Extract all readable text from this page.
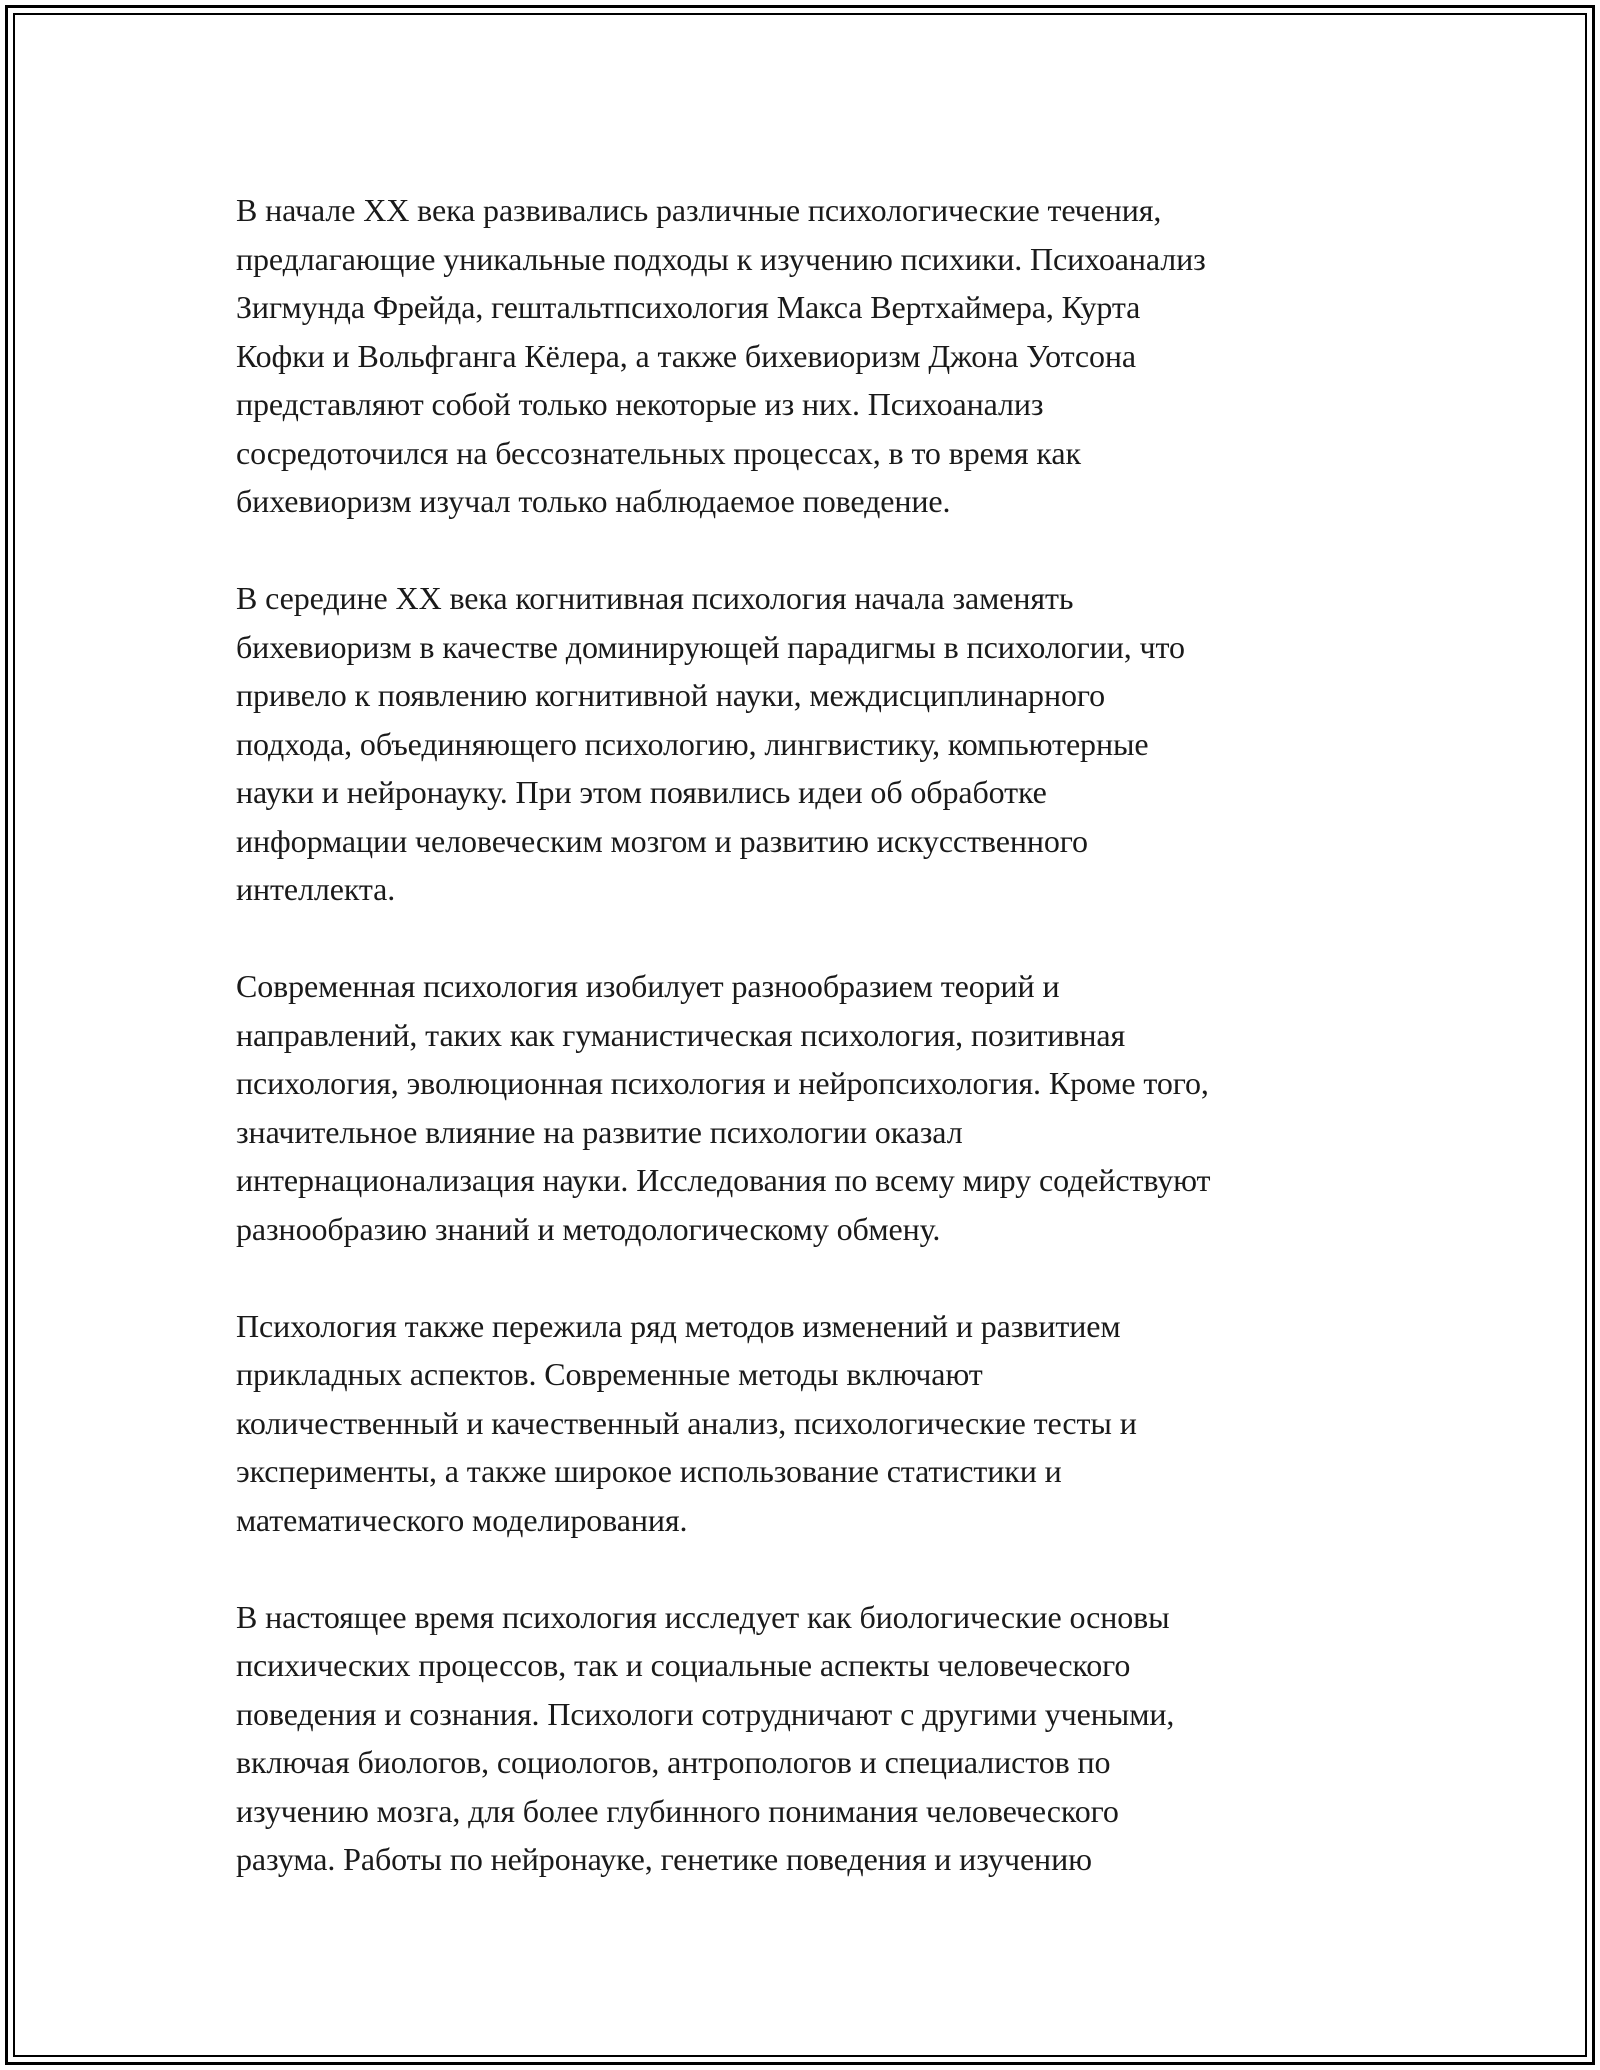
В начале XX века развивались различные психологические течения,
предлагающие уникальные подходы к изучению психики. Психоанализ
Зигмунда Фрейда, гештальтпсихология Макса Вертхаймера, Курта
Кофки и Вольфганга Кёлера, а также бихевиоризм Джона Уотсона
представляют собой только некоторые из них. Психоанализ
сосредоточился на бессознательных процессах, в то время как
бихевиоризм изучал только наблюдаемое поведение.

В середине XX века когнитивная психология начала заменять
бихевиоризм в качестве доминирующей парадигмы в психологии, что
привело к появлению когнитивной науки, междисциплинарного
подхода, объединяющего психологию, лингвистику, компьютерные
науки и нейронауку. При этом появились идеи об обработке
информации человеческим мозгом и развитию искусственного
интеллекта.

Современная психология изобилует разнообразием теорий и
направлений, таких как гуманистическая психология, позитивная
психология, эволюционная психология и нейропсихология. Кроме того,
значительное влияние на развитие психологии оказал
интернационализация науки. Исследования по всему миру содействуют
разнообразию знаний и методологическому обмену.

Психология также пережила ряд методов изменений и развитием
прикладных аспектов. Современные методы включают
количественный и качественный анализ, психологические тесты и
эксперименты, а также широкое использование статистики и
математического моделирования.

В настоящее время психология исследует как биологические основы
психических процессов, так и социальные аспекты человеческого
поведения и сознания. Психологи сотрудничают с другими учеными,
включая биологов, социологов, антропологов и специалистов по
изучению мозга, для более глубинного понимания человеческого
разума. Работы по нейронауке, генетике поведения и изучению
